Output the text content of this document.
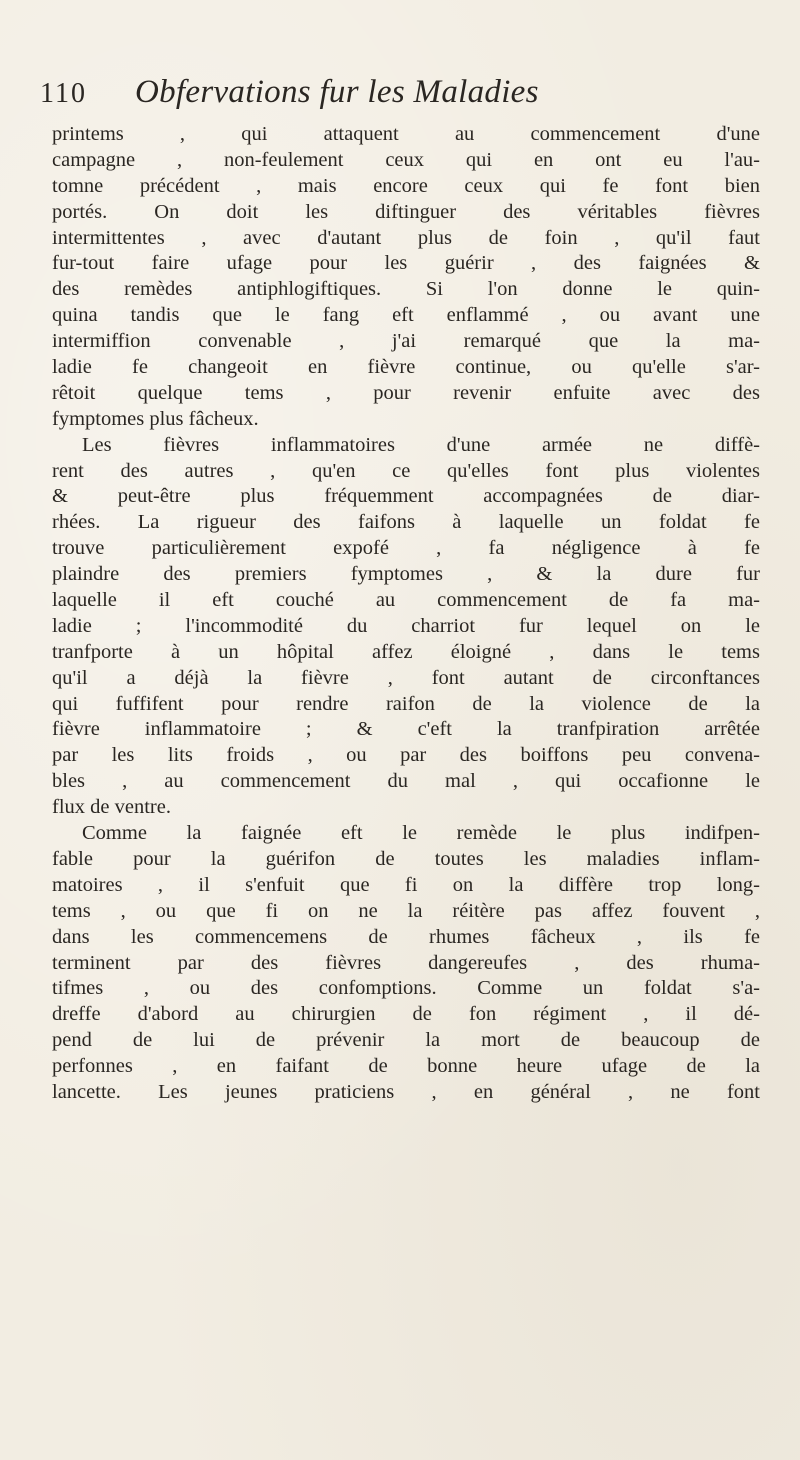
110 Obfervations fur les Maladies
printems , qui attaquent au commencement d'une
campagne , non-feulement ceux qui en ont eu l'au-
tomne précédent , mais encore ceux qui fe font bien
portés. On doit les diftinguer des véritables fièvres
intermittentes , avec d'autant plus de foin , qu'il faut
fur-tout faire ufage pour les guérir , des faignées &
des remèdes antiphlogiftiques. Si l'on donne le quin-
quina tandis que le fang eft enflammé , ou avant une
intermiffion convenable , j'ai remarqué que la ma-
ladie fe changeoit en fièvre continue, ou qu'elle s'ar-
rêtoit quelque tems , pour revenir enfuite avec des
fymptomes plus fâcheux.
Les fièvres inflammatoires d'une armée ne diffè-
rent des autres , qu'en ce qu'elles font plus violentes
& peut-être plus fréquemment accompagnées de diar-
rhées. La rigueur des faifons à laquelle un foldat fe
trouve particulièrement expofé , fa négligence à fe
plaindre des premiers fymptomes , & la dure fur
laquelle il eft couché au commencement de fa ma-
ladie ; l'incommodité du charriot fur lequel on le
tranfporte à un hôpital affez éloigné , dans le tems
qu'il a déjà la fièvre , font autant de circonftances
qui fuffifent pour rendre raifon de la violence de la
fièvre inflammatoire ; & c'eft la tranfpiration arrêtée
par les lits froids , ou par des boiffons peu convena-
bles , au commencement du mal , qui occafionne le
flux de ventre.
Comme la faignée eft le remède le plus indifpen-
fable pour la guérifon de toutes les maladies inflam-
matoires , il s'enfuit que fi on la diffère trop long-
tems , ou que fi on ne la réitère pas affez fouvent ,
dans les commencemens de rhumes fâcheux , ils fe
terminent par des fièvres dangereufes , des rhuma-
tifmes , ou des confomptions. Comme un foldat s'a-
dreffe d'abord au chirurgien de fon régiment , il dé-
pend de lui de prévenir la mort de beaucoup de
perfonnes , en faifant de bonne heure ufage de la
lancette. Les jeunes praticiens , en général , ne font
